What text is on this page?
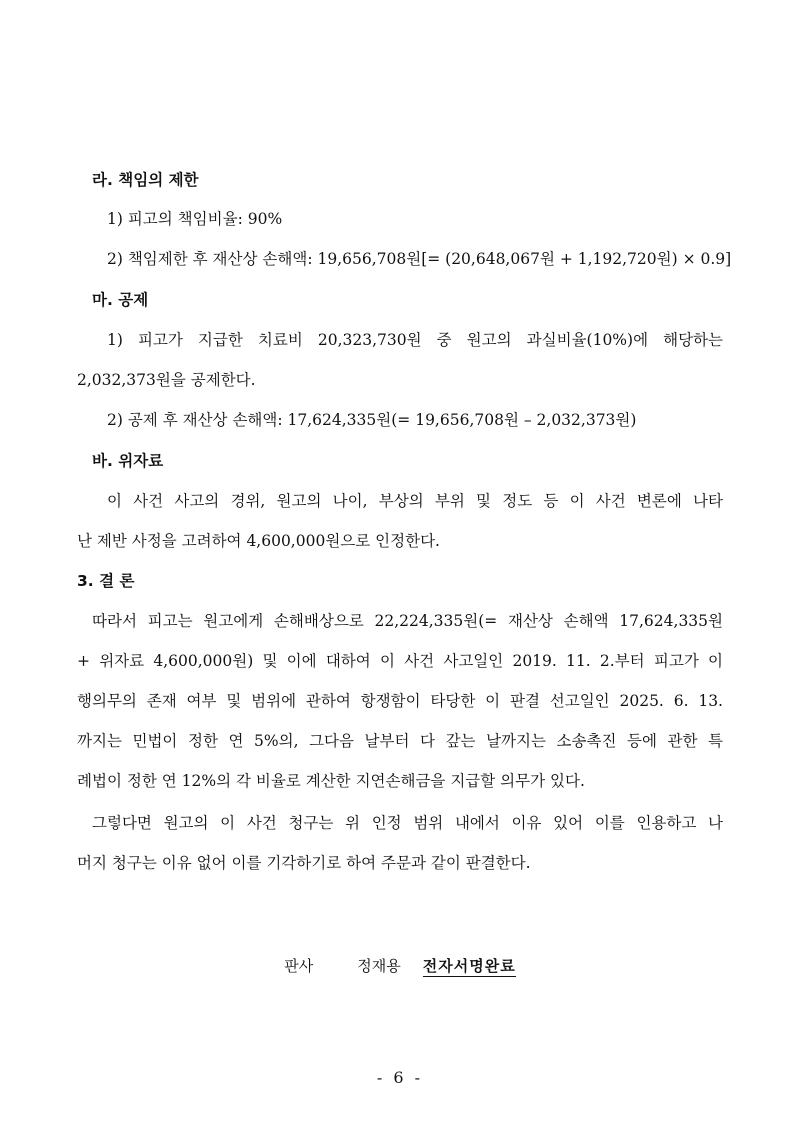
라. 책임의 제한
1) 피고의 책임비율: 90%
2) 책임제한 후 재산상 손해액: 19,656,708원[= (20,648,067원 + 1,192,720원) × 0.9]
마. 공제
1) 피고가 지급한 치료비 20,323,730원 중 원고의 과실비율(10%)에 해당하는
2,032,373원을 공제한다.
2) 공제 후 재산상 손해액: 17,624,335원(= 19,656,708원 – 2,032,373원)
바. 위자료
이 사건 사고의 경위, 원고의 나이, 부상의 부위 및 정도 등 이 사건 변론에 나타
난 제반 사정을 고려하여 4,600,000원으로 인정한다.
3. 결 론
따라서 피고는 원고에게 손해배상으로 22,224,335원(= 재산상 손해액 17,624,335원
+ 위자료 4,600,000원) 및 이에 대하여 이 사건 사고일인 2019. 11. 2.부터 피고가 이
행의무의 존재 여부 및 범위에 관하여 항쟁함이 타당한 이 판결 선고일인 2025. 6. 13.
까지는 민법이 정한 연 5%의, 그다음 날부터 다 갚는 날까지는 소송촉진 등에 관한 특
례법이 정한 연 12%의 각 비율로 계산한 지연손해금을 지급할 의무가 있다.
그렇다면 원고의 이 사건 청구는 위 인정 범위 내에서 이유 있어 이를 인용하고 나
머지 청구는 이유 없어 이를 기각하기로 하여 주문과 같이 판결한다.
판사	정재용 전자서명완료
- 6 -
